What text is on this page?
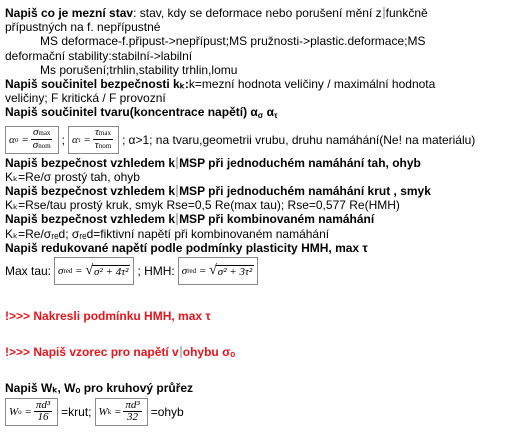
Napiš co je mezní stav: stav, kdy se deformace nebo porušení mění z funkčně
přípustných na f. nepřípustné
MS deformace-f.připust->nepřípust;MS pružnosti->plastic.deformace;MS
deformační stability:stabilní->labilní
Ms porušení;trhlin,stability trhlin,lomu
Napiš součinitel bezpečnosti kₖ:k=mezní hodnota veličiny / maximální hodnota
veličiny; F kritická / F provozní
Napiš součinitel tvaru(koncentrace napětí) $\alpha_\sigma$ $\alpha_\tau$
α $\sigma = \frac{\sigma\max}{\text{σnom}}$ ; α $\tau = \frac{\tau\max}{\text{τnom}}$ ; α>1; na tvaru,geometrii vrubu, druhu namáhání(Ne! na materiálu)
Napiš bezpečnost vzhledem k MSP při jednoduchém namáhání tah, ohyb
Kₖ=Re/σ prostý tah, ohyb
Napiš bezpečnost vzhledem k MSP při jednoduchém namáhání krut , smyk
Kₖ=Rse/tau prostý kruk, smyk Rse=0,5 Re(max tau); Rse=0,577 Re(HMH)
Napiš bezpečnost vzhledem k MSP při kombinovaném namáhání
Kₖ=Re/σᵣₑd; σᵣₑd=fiktivní napětí při kombinovaném namáhání
Napiš redukované napětí podle podmínky plasticity HMH, max τ
Max tau: σ red = √ σ² + 4τ² ; HMH: σ red = √ σ² + 3τ²
!>>> Nakresli podmínku HMH, max τ
!>>> Napiš vzorec pro napětí v ohybu σₒ
Napiš Wₖ, Wₒ pro kruhový průřez
W $o = \frac{\text{πd³}}{16}$ =krut; W $k = \frac{\text{πd³}}{32}$ =ohyb
